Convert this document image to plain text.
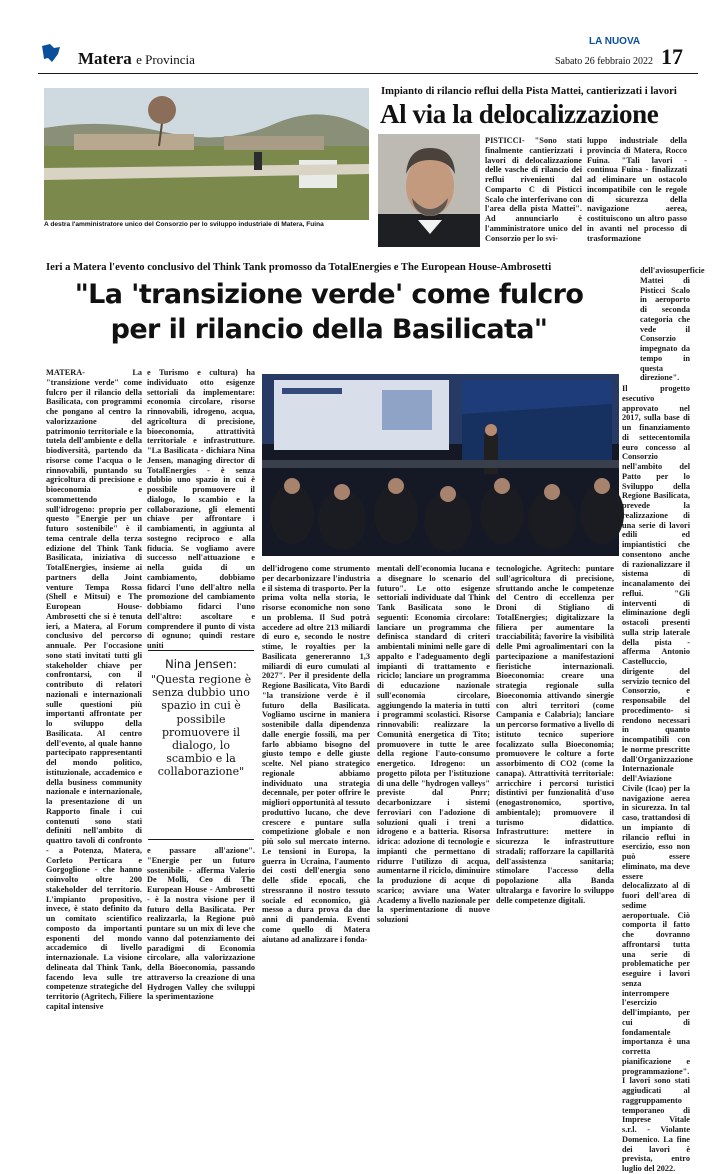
Matera e Provincia
LA NUOVA
Sabato 26 febbraio 2022 17
A destra l'amministratore unico del Consorzio per lo sviluppo industriale di Matera, Fuina
Impianto di rilancio reflui della Pista Mattei, cantierizzati i lavori
Al via la delocalizzazione
PISTICCI- "Sono stati finalmente cantierizzati i lavori di delocalizzazione delle vasche di rilancio dei reflui rivenienti dal Comparto C di Pisticci Scalo che interferivano con l'area della pista Mattei". Ad annunciarlo è l'amministratore unico del Consorzio per lo svi-
luppo industriale della provincia di Matera, Rocco Fuina. "Tali lavori - continua Fuina - finalizzati ad eliminare un ostacolo incompatibile con le regole di sicurezza della navigazione aerea, costituiscono un altro passo in avanti nel processo di trasformazione
Ieri a Matera l'evento conclusivo del Think Tank promosso da TotalEnergies e The European House-Ambrosetti
"La 'transizione verde' come fulcro
per il rilancio della Basilicata"
MATERA- La "transizione verde" come fulcro per il rilancio della Basilicata, con programmi che pongano al centro la valorizzazione del patrimonio territoriale e la tutela dell'ambiente e della biodiversità, partendo da risorse come l'acqua o le rinnovabili, puntando su agricoltura di precisione e bioeconomia e scommettendo sull'idrogeno: proprio per questo "Energie per un futuro sostenibile" è il tema centrale della terza edizione del Think Tank Basilicata, iniziativa di TotalEnergies, insieme ai partners della Joint venture Tempa Rossa (Shell e Mitsui) e The European House-Ambrosetti che si è tenuta ieri, a Matera, al Forum conclusivo del percorso annuale. Per l'occasione sono stati invitati tutti gli stakeholder chiave per confrontarsi, con il contributo di relatori nazionali e internazionali sulle questioni più importanti affrontate per lo sviluppo della Basilicata. Al centro dell'evento, al quale hanno partecipato rappresentanti del mondo politico, istituzionale, accademico e della business community nazionale e internazionale, la presentazione di un Rapporto finale i cui contenuti sono stati definiti nell'ambito di quattro tavoli di confronto - a Potenza, Matera, Corleto Perticara e Gorgoglione - che hanno coinvolto oltre 200 stakeholder del territorio. L'impianto propositivo, invece, è stato definito da un comitato scientifico composto da importanti esponenti del mondo accademico di livello internazionale. La visione delineata dal Think Tank, facendo leva sulle tre competenze strategiche del territorio (Agritech, Filiere capital intensive
e Turismo e cultura) ha individuato otto esigenze settoriali da implementare: economia circolare, risorse rinnovabili, idrogeno, acqua, agricoltura di precisione, bioeconomia, attrattività territoriale e infrastrutture. "La Basilicata - dichiara Nina Jensen, managing director di TotalEnergies - è senza dubbio uno spazio in cui è possibile promuovere il dialogo, lo scambio e la collaborazione, gli elementi chiave per affrontare i cambiamenti, in aggiunta al sostegno reciproco e alla fiducia. Se vogliamo avere successo nell'attuazione e nella guida di un cambiamento, dobbiamo fidarci l'uno dell'altro nella promozione del cambiamento dobbiamo fidarci l'uno dell'altro: ascoltare e comprendere il punto di vista di ognuno; quindi restare uniti
Nina Jensen:
"Questa regione è senza dubbio uno spazio in cui è possibile promuovere il dialogo, lo scambio e la collaborazione"
e passare all'azione". "Energie per un futuro sostenibile - afferma Valerio De Molli, Ceo di The European House - Ambrosetti - è la nostra visione per il futuro della Basilicata. Per realizzarla, la Regione può puntare su un mix di leve che vanno dal potenziamento dei paradigmi di Economia circolare, alla valorizzazione della Bioeconomia, passando attraverso la creazione di una Hydrogen Valley che sviluppi la sperimentazione
dell'idrogeno come strumento per decarbonizzare l'industria e il sistema di trasporto. Per la prima volta nella storia, le risorse economiche non sono un problema. Il Sud potrà accedere ad oltre 213 miliardi di euro e, secondo le nostre stime, le royalties per la Basilicata genereranno 1,3 miliardi di euro cumulati al 2027". Per il presidente della Regione Basilicata, Vito Bardi "la transizione verde è il futuro della Basilicata. Vogliamo uscirne in maniera sostenibile dalla dipendenza dalle energie fossili, ma per farlo abbiamo bisogno del giusto tempo e delle giuste scelte. Nel piano strategico regionale abbiamo individuato una strategia decennale, per poter offrire le migliori opportunità al tessuto produttivo lucano, che deve crescere e puntare sulla competizione globale e non più solo sul mercato interno. Le tensioni in Europa, la guerra in Ucraina, l'aumento dei costi dell'energia sono delle sfide epocali, che stressranno il nostro tessuto sociale ed economico, già messo a dura prova da due anni di pandemia. Eventi come quello di Matera aiutano ad analizzare i fonda-
mentali dell'economia lucana e a disegnare lo scenario del futuro". Le otto esigenze settoriali individuate dal Think Tank Basilicata sono le seguenti: Economia circolare: lanciare un programma che definisca standard di criteri ambientali minimi nelle gare di appalto e l'adeguamento degli impianti di trattamento e riciclo; lanciare un programma di educazione nazionale sull'economia circolare, aggiungendo la materia in tutti i programmi scolastici. Risorse rinnovabili: realizzare la Comunità energetica di Tito; promuovere in tutte le aree della regione l'auto-consumo energetico. Idrogeno: un progetto pilota per l'istituzione di una delle "hydrogen valleys" previste dal Pnrr; decarbonizzare i sistemi ferroviari con l'adozione di soluzioni quali i treni a idrogeno e a batteria. Risorsa idrica: adozione di tecnologie e impianti che permettano di ridurre l'utilizzo di acqua, aumentarne il riciclo, diminuire la produzione di acque di scarico; avviare una Water Academy a livello nazionale per la sperimentazione di nuove soluzioni
tecnologiche. Agritech: puntare sull'agricoltura di precisione, sfruttando anche le competenze del Centro di eccellenza per Droni di Stigliano di TotalEnergies; digitalizzare la filiera per aumentare la tracciabilità; favorire la visibilità delle Pmi agroalimentari con la partecipazione a manifestazioni fieristiche internazionali. Bioeconomia: creare una strategia regionale sulla Bioeconomia attivando sinergie con altri territori (come Campania e Calabria); lanciare un percorso formativo a livello di istituto tecnico superiore focalizzato sulla Bioeconomia; promuovere le colture a forte assorbimento di CO2 (come la canapa). Attrattività territoriale: arricchire i percorsi turistici distintivi per funzionalità d'uso (enogastronomico, sportivo, ambientale); promuovere il turismo didattico. Infrastrutture: mettere in sicurezza le infrastrutture stradali; rafforzare la capillarità dell'assistenza sanitaria; stimolare l'accesso della popolazione alla Banda ultralarga e favorire lo sviluppo delle competenze digitali.
dell'aviosuperficie Mattei di Pisticci Scalo in aeroporto di seconda categoria che vede il Consorzio impegnato da tempo in questa direzione".
Il progetto esecutivo approvato nel 2017, sulla base di un finanziamento di settecentomila euro concesso al Consorzio nell'ambito del Patto per lo Sviluppo della Regione Basilicata, prevede la realizzazione di una serie di lavori edili ed impiantistici che consentono anche di razionalizzare il sistema di incanalamento dei reflui. "Gli interventi di eliminazione degli ostacoli presenti sulla strip laterale della pista - afferma Antonio Castelluccio, dirigente del servizio tecnico del Consorzio, e responsabile del procedimento- si rendono necessari in quanto incompatibili con le norme prescritte dall'Organizzazione Internazionale dell'Aviazione Civile (Icao) per la navigazione aerea in sicurezza. In tal caso, trattandosi di un impianto di rilancio reflui in esercizio, esso non può essere eliminato, ma deve essere delocalizzato al di fuori dell'area di sedime aeroportuale. Ciò comporta il fatto che dovranno affrontarsi tutta una serie di problematiche per eseguire i lavori senza interrompere l'esercizio dell'impianto, per cui di fondamentale importanza è una corretta pianificazione e programmazione". I lavori sono stati aggiudicati al raggruppamento temporaneo di Imprese Vitale s.r.l. - Violante Domenico. La fine dei lavori è prevista, entro luglio del 2022.
